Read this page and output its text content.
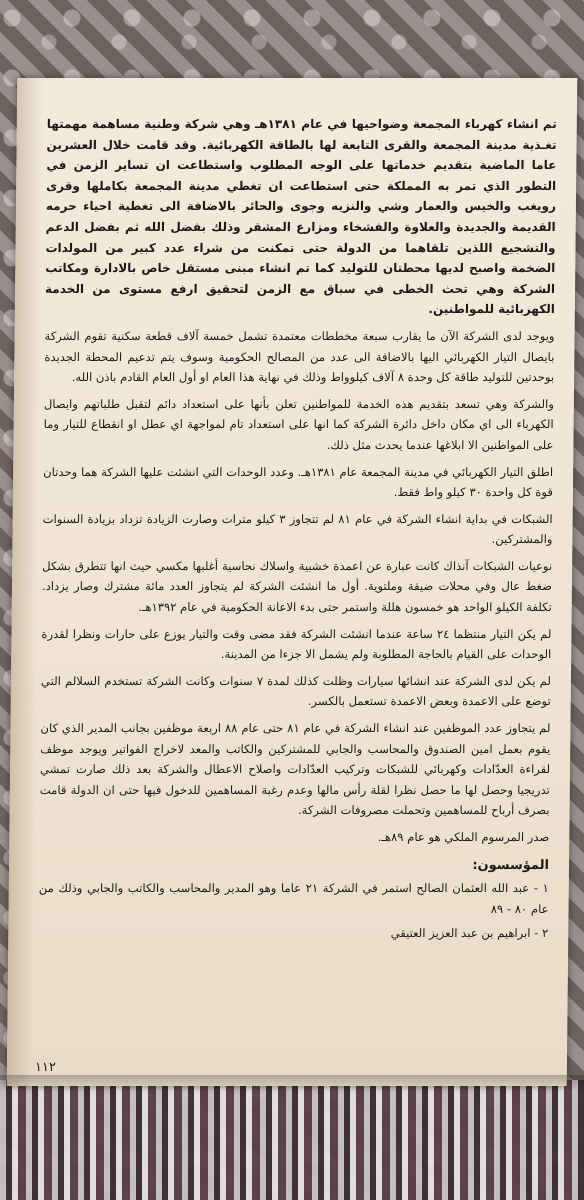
تم انشاء كهرباء المجمعة وضواحيها في عام ١٣٨١هـ وهي شركة وطنية مساهمة مهمتها تغـذية مدينة المجمعة والقرى التابعة لها بالطاقة الكهربائية. وقد قامت خلال العشرين عاما الماضية بتقديم خدماتها على الوجه المطلوب واستطاعت ان تساير الزمن في التطور الذي تمر به المملكة حتى استطاعت ان تغطي مدينة المجمعة بكاملها وقرى رويغب والخيس والعمار وشي والنزيه وجوى والحائر بالاضافة الى تغطية احياء حرمه القديمة والجديدة والعلاوة والفشخاء ومزارع المشقر وذلك بفضل الله ثم بفضل الدعم والتشجيع اللذين تلقاهما من الدولة حتى تمكنت من شراء عدد كبير من المولدات الضخمة واصبح لديها محطتان للتوليد كما تم انشاء مبنى مستقل خاص بالادارة ومكاتب الشركة وهي تحث الخطى في سباق مع الزمن لتحقيق ارفع مستوى من الخدمة الكهربائية للمواطنين.

ويوجد لدى الشركة الآن ما يقارب سبعة مخططات معتمدة تشمل خمسة آلاف قطعة سكنية تقوم الشركة بايصال التيار الكهربائي اليها بالاضافة الى عدد من المصالح الحكومية وسوف يتم تدعيم المحطة الجديدة بوحدتين للتوليد طاقة كل وحدة ٨ آلاف كيلوواط وذلك في نهاية هذا العام او أول العام القادم باذن الله.

والشركة وهي تسعد بتقديم هذه الخدمة للمواطنين تعلن بأنها على استعداد دائم لتقبل طلباتهم وايصال الكهرباء الى اي مكان داخل دائرة الشركة كما انها على استعداد تام لمواجهة اي عطل او انقطاع للتيار وما على المواطنين الا ابلاغها عندما يحدث مثل ذلك.

اطلق التيار الكهربائي في مدينة المجمعة عام ١٣٨١هـ. وعدد الوحدات التي انشئت عليها الشركة هما وحدتان قوة كل واحدة ٣٠ كيلو واط فقط.

الشبكات في بداية انشاء الشركة في عام ٨١ لم تتجاوز ٣ كيلو مترات وصارت الزيادة تزداد بزيادة السنوات والمشتركين.

نوعيات الشبكات آنذاك كانت عبارة عن اعمدة خشبية واسلاك نحاسية أغلبها مكسي حيث انها تتطرق بشكل ضغط عال وفي محلات ضيقة وملتوية. أول ما انشئت الشركة لم يتجاوز العدد مائة مشترك وصار يزداد. تكلفة الكيلو الواحد هو خمسون هللة واستمر حتى بدء الاعانة الحكومية في عام ١٣٩٢هـ.

لم يكن التيار منتظما ٢٤ ساعة عندما انشئت الشركة فقد مضى وقت والتيار يوزع على حارات ونظرا لقدرة الوحدات على القيام بالحاجة المطلوبة ولم يشمل الا جزءا من المدينة.

لم يكن لدى الشركة عند انشائها سيارات وظلت كذلك لمدة ٧ سنوات وكانت الشركة تستخدم السلالم التي توضع على الاعمدة وبعض الاعمدة تستعمل بالكسر.

لم يتجاوز عدد الموظفين عند انشاء الشركة في عام ٨١ حتى عام ٨٨ اربعة موظفين بجانب المدير الذي كان يقوم بعمل امين الصندوق والمحاسب والجابي للمشتركين والكاتب والمعد لاخراج الفواتير ويوجد موظف لقراءة العدّادات وكهربائي للشبكات وتركيب العدّادات واصلاح الاعطال والشركة بعد ذلك صارت تمشي تدريجيا وحصل لها ما حصل نظرا لقلة رأس مالها وعدم رغبة المساهمين للدخول فيها حتى ان الدولة قامت بصرف أرباح للمساهمين وتحملت مصروفات الشركة.

صدر المرسوم الملكي هو عام ٨٩هـ.

المؤسسون:

١ - عبد الله العثمان الصالح استمر في الشركة ٢١ عاما وهو المدير والمحاسب والكاتب والجابي وذلك من عام ٨٠ - ٨٩

٢ - ابراهيم بن عبد العزيز العتيقي

١١٢
